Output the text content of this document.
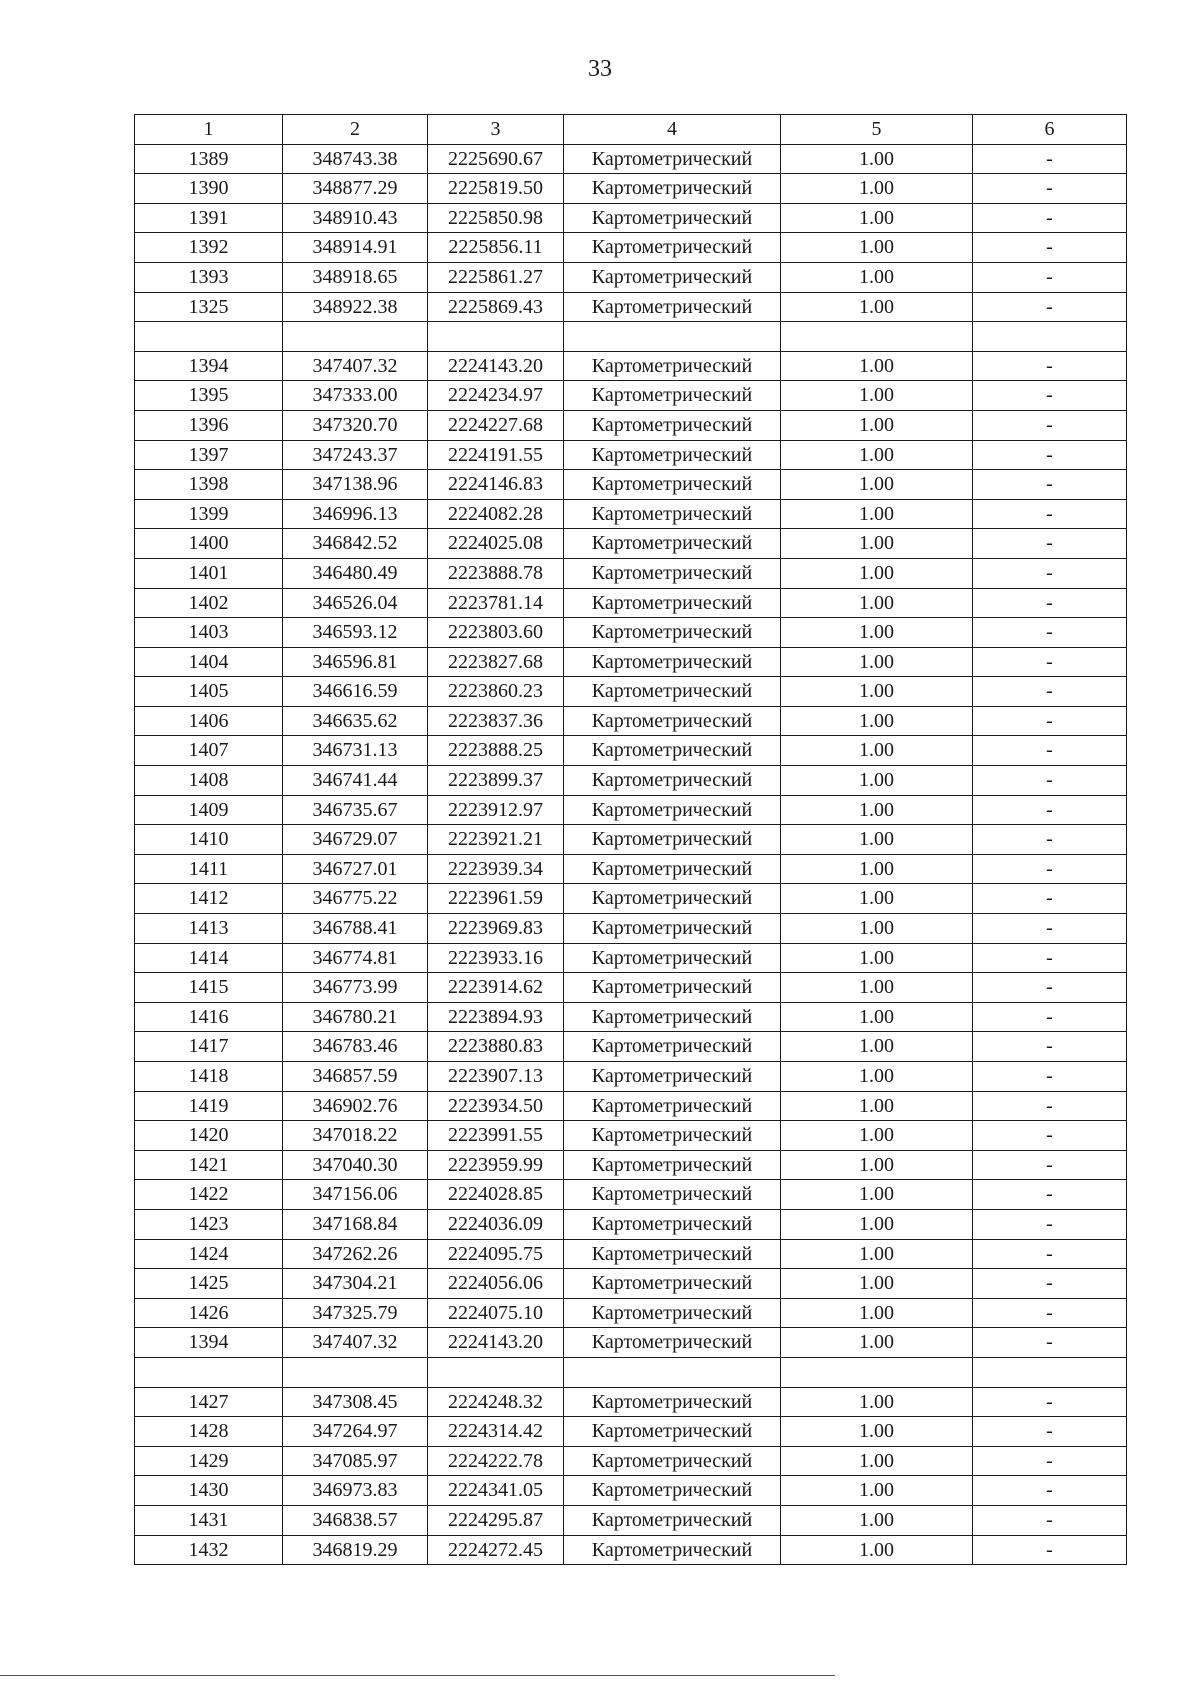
33
1	2	3	4	5	6
1389	348743.38	2225690.67	Картометрический	1.00	-
1390	348877.29	2225819.50	Картометрический	1.00	-
1391	348910.43	2225850.98	Картометрический	1.00	-
1392	348914.91	2225856.11	Картометрический	1.00	-
1393	348918.65	2225861.27	Картометрический	1.00	-
1325	348922.38	2225869.43	Картометрический	1.00	-

1394	347407.32	2224143.20	Картометрический	1.00	-
1395	347333.00	2224234.97	Картометрический	1.00	-
1396	347320.70	2224227.68	Картометрический	1.00	-
1397	347243.37	2224191.55	Картометрический	1.00	-
1398	347138.96	2224146.83	Картометрический	1.00	-
1399	346996.13	2224082.28	Картометрический	1.00	-
1400	346842.52	2224025.08	Картометрический	1.00	-
1401	346480.49	2223888.78	Картометрический	1.00	-
1402	346526.04	2223781.14	Картометрический	1.00	-
1403	346593.12	2223803.60	Картометрический	1.00	-
1404	346596.81	2223827.68	Картометрический	1.00	-
1405	346616.59	2223860.23	Картометрический	1.00	-
1406	346635.62	2223837.36	Картометрический	1.00	-
1407	346731.13	2223888.25	Картометрический	1.00	-
1408	346741.44	2223899.37	Картометрический	1.00	-
1409	346735.67	2223912.97	Картометрический	1.00	-
1410	346729.07	2223921.21	Картометрический	1.00	-
1411	346727.01	2223939.34	Картометрический	1.00	-
1412	346775.22	2223961.59	Картометрический	1.00	-
1413	346788.41	2223969.83	Картометрический	1.00	-
1414	346774.81	2223933.16	Картометрический	1.00	-
1415	346773.99	2223914.62	Картометрический	1.00	-
1416	346780.21	2223894.93	Картометрический	1.00	-
1417	346783.46	2223880.83	Картометрический	1.00	-
1418	346857.59	2223907.13	Картометрический	1.00	-
1419	346902.76	2223934.50	Картометрический	1.00	-
1420	347018.22	2223991.55	Картометрический	1.00	-
1421	347040.30	2223959.99	Картометрический	1.00	-
1422	347156.06	2224028.85	Картометрический	1.00	-
1423	347168.84	2224036.09	Картометрический	1.00	-
1424	347262.26	2224095.75	Картометрический	1.00	-
1425	347304.21	2224056.06	Картометрический	1.00	-
1426	347325.79	2224075.10	Картометрический	1.00	-
1394	347407.32	2224143.20	Картометрический	1.00	-

1427	347308.45	2224248.32	Картометрический	1.00	-
1428	347264.97	2224314.42	Картометрический	1.00	-
1429	347085.97	2224222.78	Картометрический	1.00	-
1430	346973.83	2224341.05	Картометрический	1.00	-
1431	346838.57	2224295.87	Картометрический	1.00	-
1432	346819.29	2224272.45	Картометрический	1.00	-
